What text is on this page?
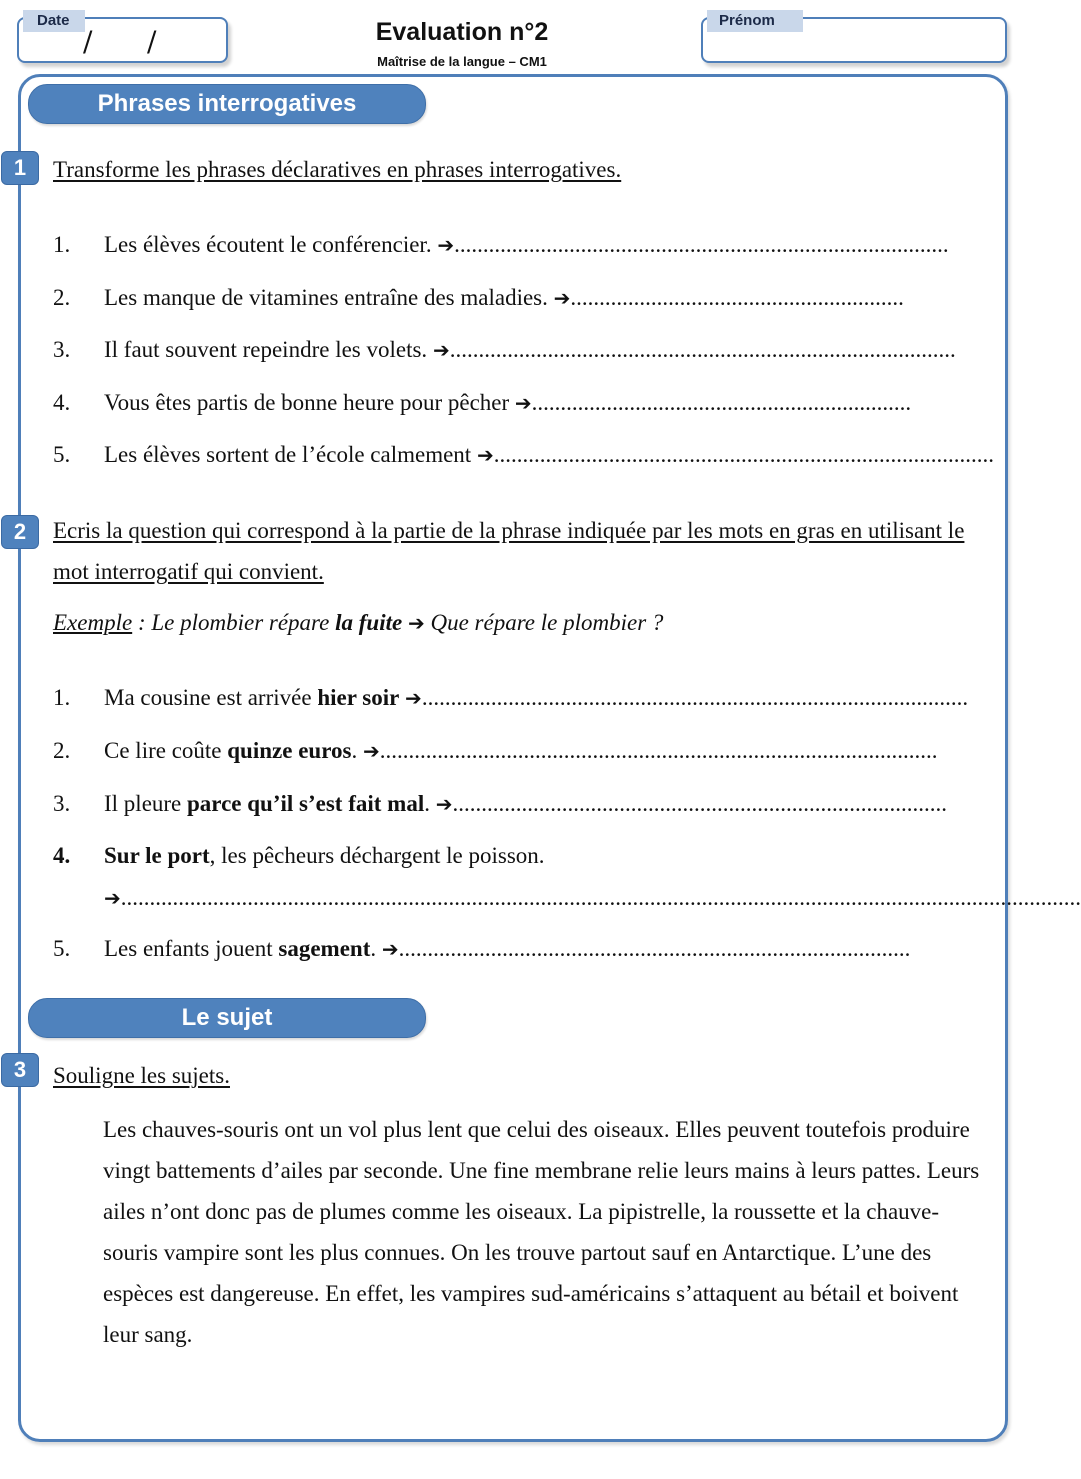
Date
/ /	Evaluation n°2
Maîtrise de la langue – CM1
Prénom
Phrases interrogatives
1	Transforme les phrases déclaratives en phrases interrogatives.
1. Les élèves écoutent le conférencier. ➔......................................................................................
2. Les manque de vitamines entraîne des maladies. ➔..........................................................
3. Il faut souvent repeindre les volets. ➔........................................................................................
4. Vous êtes partis de bonne heure pour pêcher ➔..................................................................
5. Les élèves sortent de l’école calmement ➔.......................................................................................
2	Ecris la question qui correspond à la partie de la phrase indiquée par les mots en gras en utilisant le mot interrogatif qui convient.
Exemple : Le plombier répare la fuite ➔ Que répare le plombier ?
1. Ma cousine est arrivée hier soir ➔...............................................................................................
2. Ce lire coûte quinze euros. ➔.................................................................................................
3. Il pleure parce qu’il s’est fait mal. ➔......................................................................................
4. Sur le port, les pêcheurs déchargent le poisson.
➔.......................................................................................................................................................................
5. Les enfants jouent sagement. ➔.........................................................................................
Le sujet
3	Souligne les sujets.
Les chauves-souris ont un vol plus lent que celui des oiseaux. Elles peuvent toutefois produire vingt battements d’ailes par seconde. Une fine membrane relie leurs mains à leurs pattes. Leurs ailes n’ont donc pas de plumes comme les oiseaux. La pipistrelle, la roussette et la chauve-souris vampire sont les plus connues. On les trouve partout sauf en Antarctique. L’une des espèces est dangereuse. En effet, les vampires sud-américains s’attaquent au bétail et boivent leur sang.
